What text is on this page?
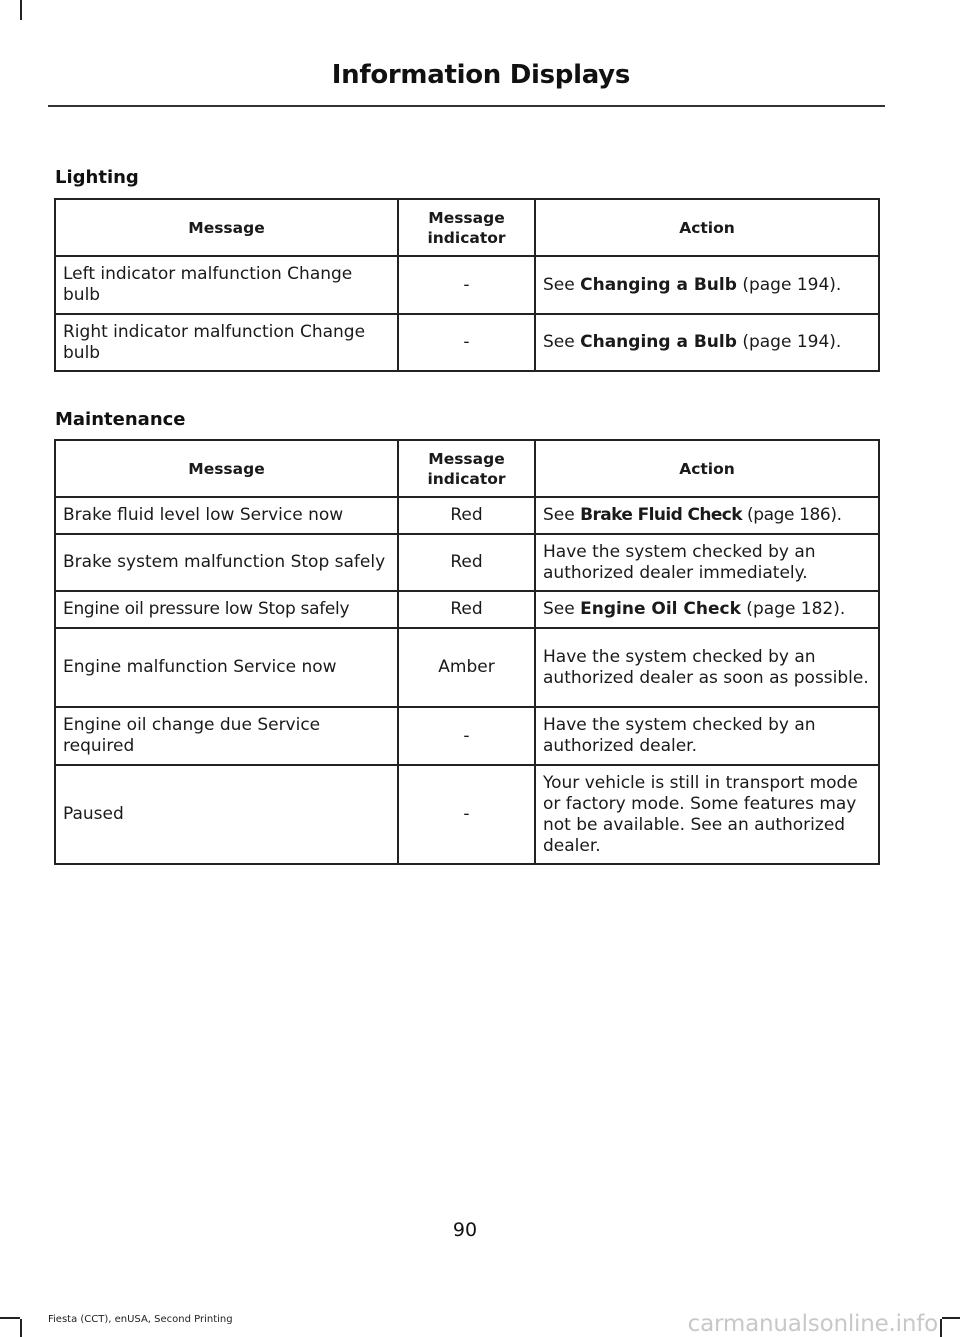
Information Displays
Lighting
Message	Message indicator	Action
Left indicator malfunction Change bulb	-	See Changing a Bulb (page 194).
Right indicator malfunction Change bulb	-	See Changing a Bulb (page 194).
Maintenance
Message	Message indicator	Action
Brake fluid level low Service now	Red	See Brake Fluid Check (page 186).
Brake system malfunction Stop safely	Red	Have the system checked by an authorized dealer immediately.
Engine oil pressure low Stop safely	Red	See Engine Oil Check (page 182).
Engine malfunction Service now	Amber	Have the system checked by an authorized dealer as soon as possible.
Engine oil change due Service required	-	Have the system checked by an authorized dealer.
Paused	-	Your vehicle is still in transport mode or factory mode. Some features may not be available. See an authorized dealer.
90
Fiesta (CCT), enUSA, Second Printing	carmanualsonline.info
